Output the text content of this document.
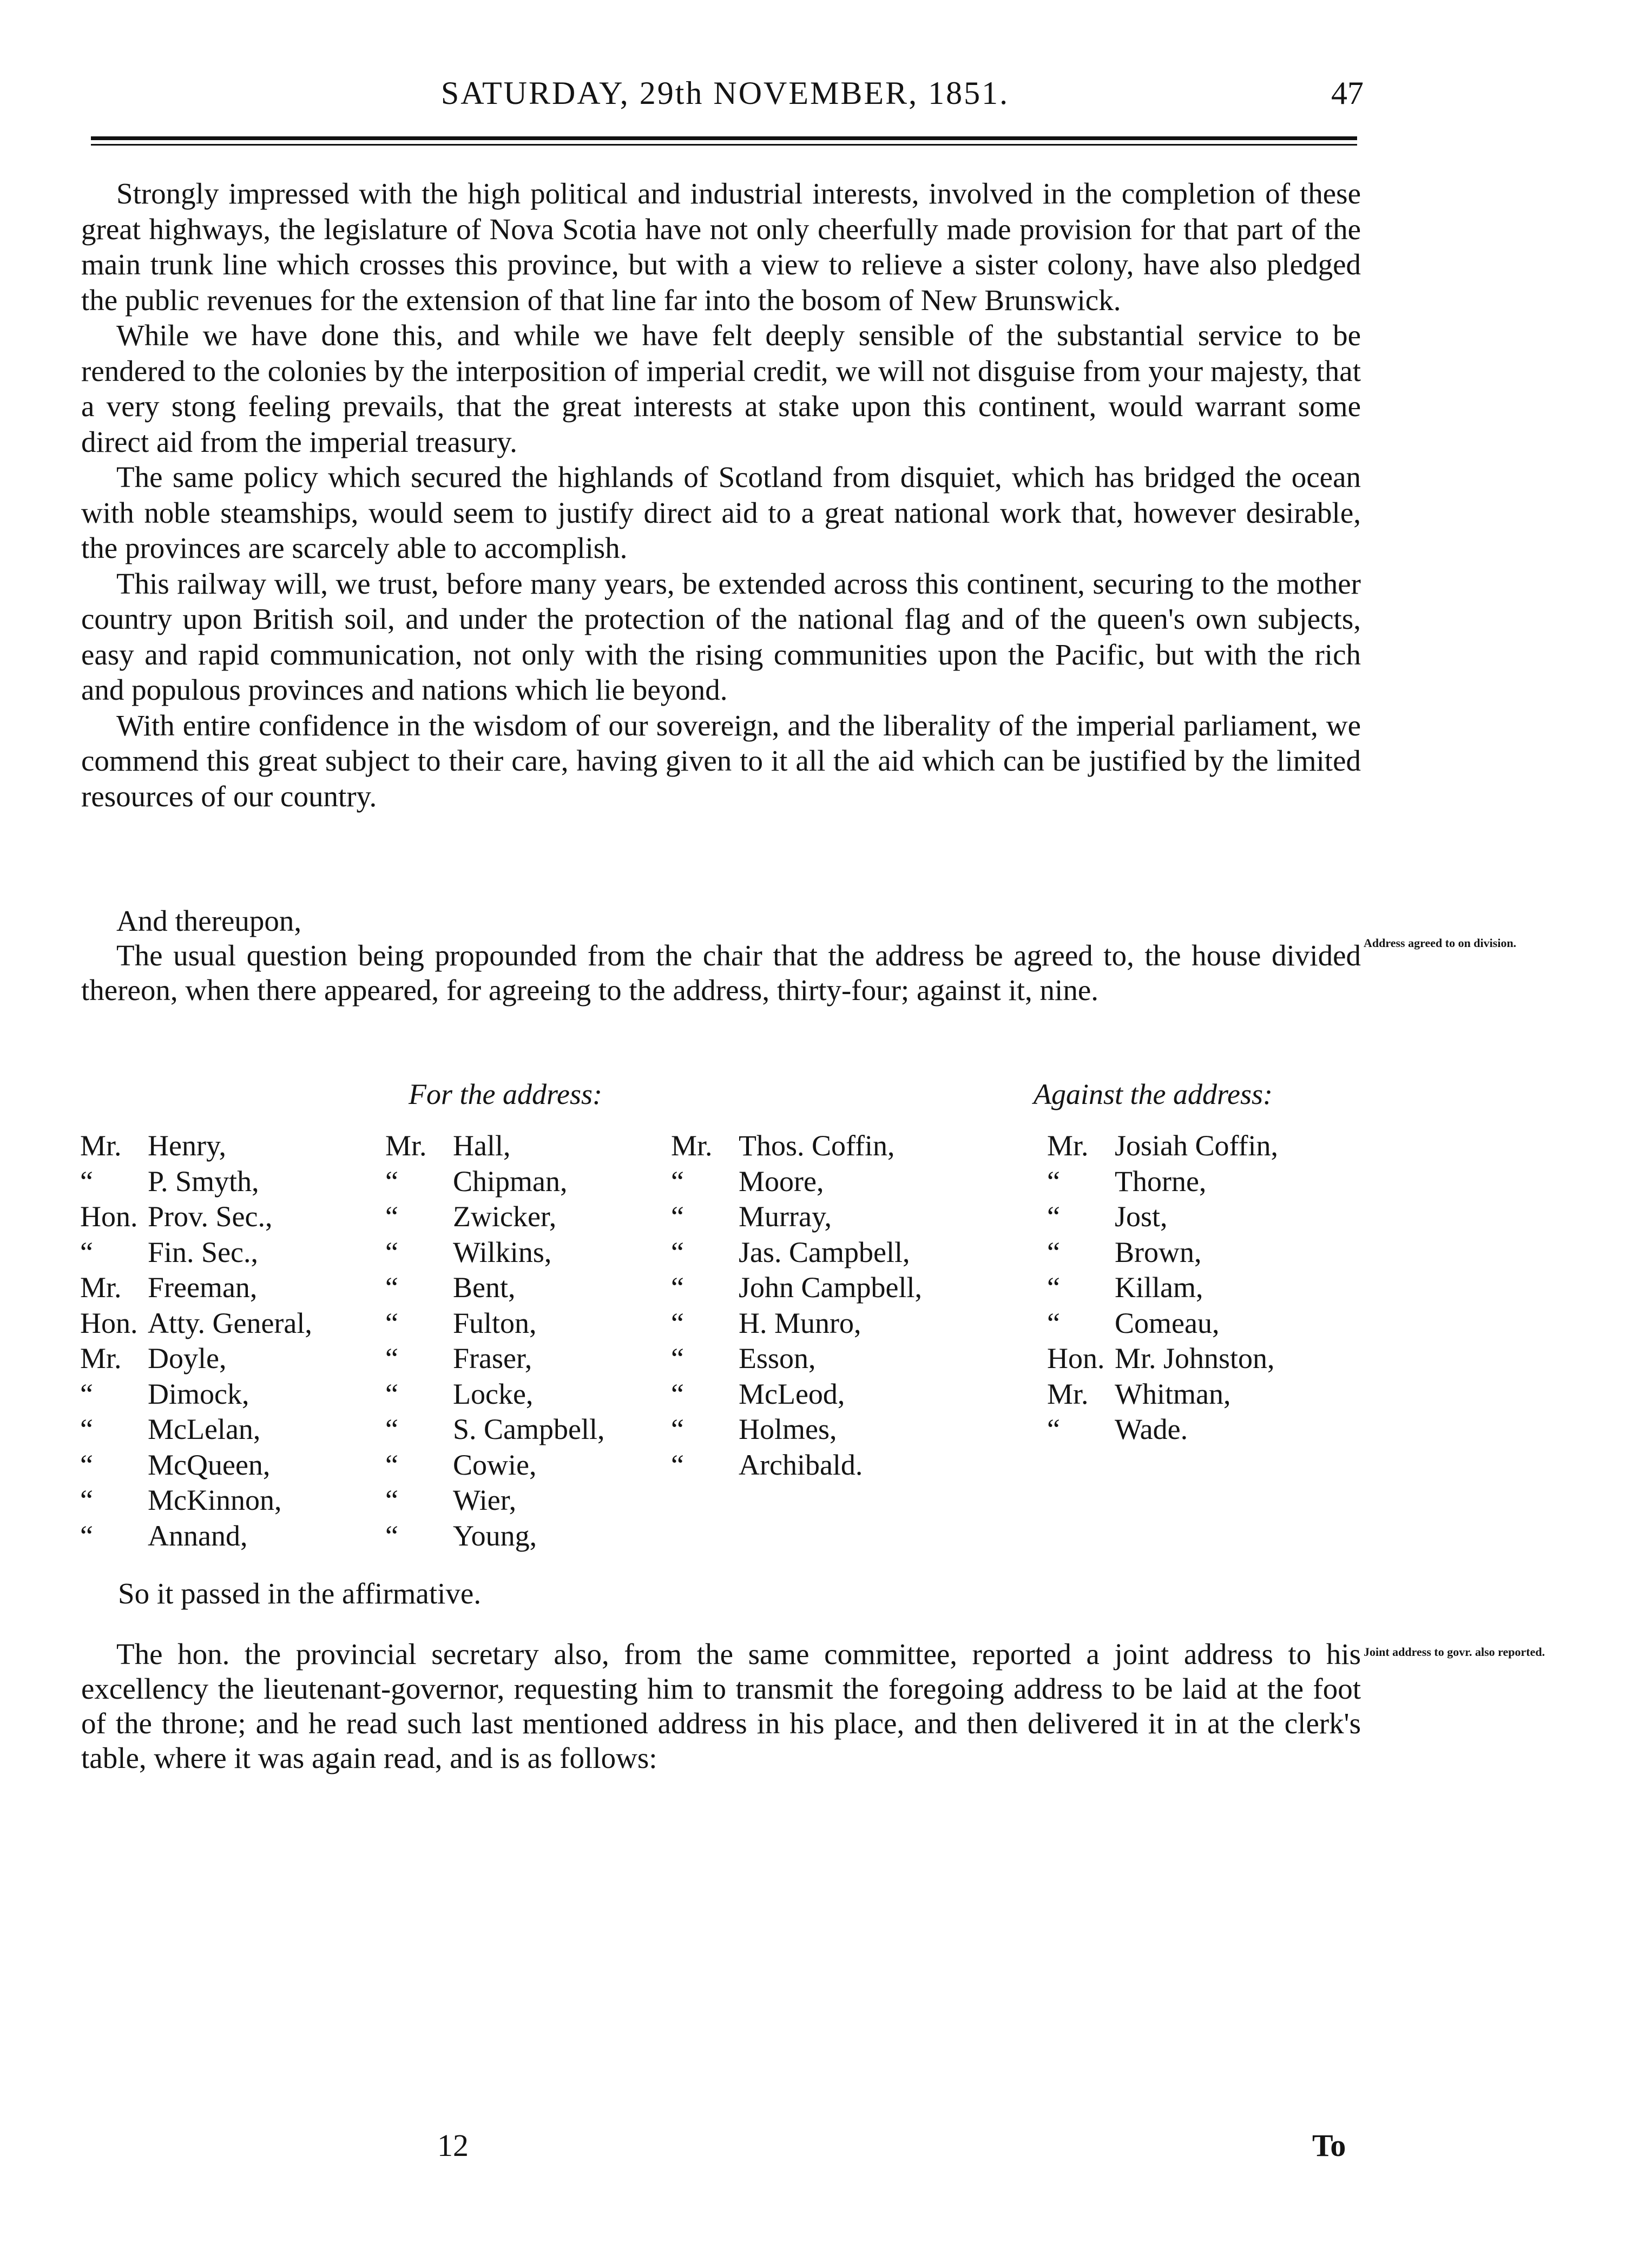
SATURDAY, 29th NOVEMBER, 1851.	47

Strongly impressed with the high political and industrial interests, involved in the completion of these great highways, the legislature of Nova Scotia have not only cheerfully made provision for that part of the main trunk line which crosses this province, but with a view to relieve a sister colony, have also pledged the public revenues for the extension of that line far into the bosom of New Brunswick.

While we have done this, and while we have felt deeply sensible of the substantial service to be rendered to the colonies by the interposition of imperial credit, we will not disguise from your majesty, that a very stong feeling prevails, that the great interests at stake upon this continent, would warrant some direct aid from the imperial treasury.

The same policy which secured the highlands of Scotland from disquiet, which has bridged the ocean with noble steamships, would seem to justify direct aid to a great national work that, however desirable, the provinces are scarcely able to accomplish.

This railway will, we trust, before many years, be extended across this continent, securing to the mother country upon British soil, and under the protection of the national flag and of the queen's own subjects, easy and rapid communication, not only with the rising communities upon the Pacific, but with the rich and populous provinces and nations which lie beyond.

With entire confidence in the wisdom of our sovereign, and the liberality of the imperial parliament, we commend this great subject to their care, having given to it all the aid which can be justified by the limited resources of our country.

And thereupon,

The usual question being propounded from the chair that the address be agreed to, the house divided thereon, when there appeared, for agreeing to the address, thirty-four; against it, nine.

Address agreed to on division.
For the address:	Against the address:
Mr. Henry,
“	P. Smyth,
Hon. Prov. Sec.,
“	Fin. Sec.,
Mr. Freeman,
Hon. Atty. General,
Mr. Doyle,
“	Dimock,
“	McLelan,
“	McQueen,
“	McKinnon,
“	Annand,
Mr. Hall,
“	Chipman,
“	Zwicker,
“	Wilkins,
“	Bent,
“	Fulton,
“	Fraser,
“	Locke,
“	S. Campbell,
“	Cowie,
“	Wier,
“	Young,
Mr. Thos. Coffin,
“	Moore,
“	Murray,
“	Jas. Campbell,
“	John Campbell,
“	H. Munro,
“	Esson,
“	McLeod,
“	Holmes,
“	Archibald.
Mr. Josiah Coffin,
“	Thorne,
“	Jost,
“	Brown,
“	Killam,
“	Comeau,
Hon. Mr. Johnston,
Mr. Whitman,
“	Wade.
So it passed in the affirmative.

The hon. the provincial secretary also, from the same committee, reported a joint address to his excellency the lieutenant-governor, requesting him to transmit the foregoing address to be laid at the foot of the throne; and he read such last mentioned address in his place, and then delivered it in at the clerk's table, where it was again read, and is as follows:

Joint address to govr. also reported.
12	To
